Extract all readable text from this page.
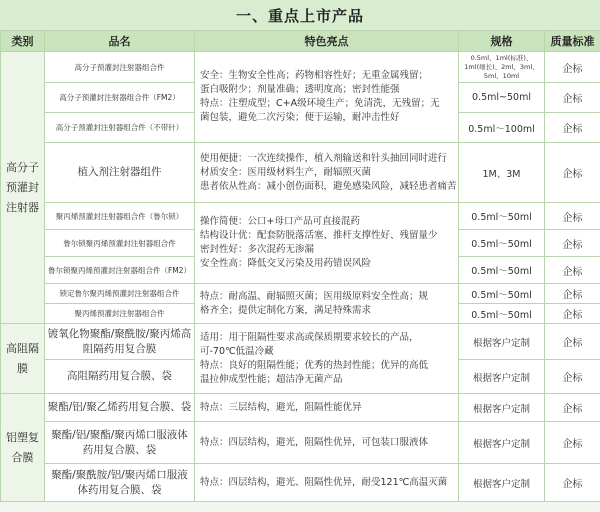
一、重点上市产品
类别	品名	特色亮点	规格	质量标准
高分子预灌封注射器	高分子预灌封注射器组合件	安全：生物安全性高；药物相容性好；无重金属残留；
蛋白吸附少；剂量准确；透明度高；密封性能强
特点：注塑成型；C+A级环境生产；免清洗，无残留；无
菌包装，避免二次污染；便于运输，耐冲击性好	0.5ml、1ml(标准)、1ml(细长)、2ml、3ml、5ml、10ml	企标
	高分子预灌封注射器组合件（FM2）		0.5ml~50ml	企标
	高分子预灌封注射器组合件（不带针）		0.5ml～100ml	企标
	植入剂注射器组件	使用便捷：一次连续操作，植入剂输送和针头抽回同时进行
材质安全：医用级材料生产，耐辐照灭菌
患者依从性高：减小创伤面积，避免感染风险，减轻患者痛苦	1M、3M	企标
	聚丙烯预灌封注射器组合件（鲁尔锁）	操作简便：公口+母口产品可直接混药
结构设计优：配套防脱落活塞、推杆支撑性好、残留量少
密封性好：多次混药无渗漏
安全性高：降低交叉污染及用药错误风险	0.5ml～50ml	企标
	鲁尔锁聚丙烯预灌封注射器组合件		0.5ml～50ml	企标
	鲁尔锁聚丙烯预灌封注射器组合件（FM2）		0.5ml～50ml	企标
	锁定鲁尔聚丙烯预灌封注射器组合件	特点：耐高温、耐辐照灭菌；医用级原料安全性高；规
格齐全；提供定制化方案，满足特殊需求	0.5ml～50ml	企标
	聚丙烯预灌封注射器组合件		0.5ml～50ml	企标
高阻隔膜	镀氧化物聚酯/聚酰胺/聚丙烯高阻隔药用复合膜	适用：用于阻隔性要求高或保质期要求较长的产品，
可-70℃低温冷藏
特点：良好的阻隔性能；优秀的热封性能；优异的高低
温拉伸成型性能；超洁净无菌产品	根据客户定制	企标
	高阻隔药用复合膜、袋		根据客户定制	企标
铝塑复合膜	聚酯/铝/聚乙烯药用复合膜、袋	特点：三层结构，避光，阻隔性能优异	根据客户定制	企标
	聚酯/铝/聚酯/聚丙烯口服液体药用复合膜、袋	特点：四层结构，避光，阻隔性优异，可包装口服液体	根据客户定制	企标
	聚酯/聚酰胺/铝/聚丙烯口服液体药用复合膜、袋	特点：四层结构，避光、阻隔性优异，耐受121℃高温灭菌	根据客户定制	企标
